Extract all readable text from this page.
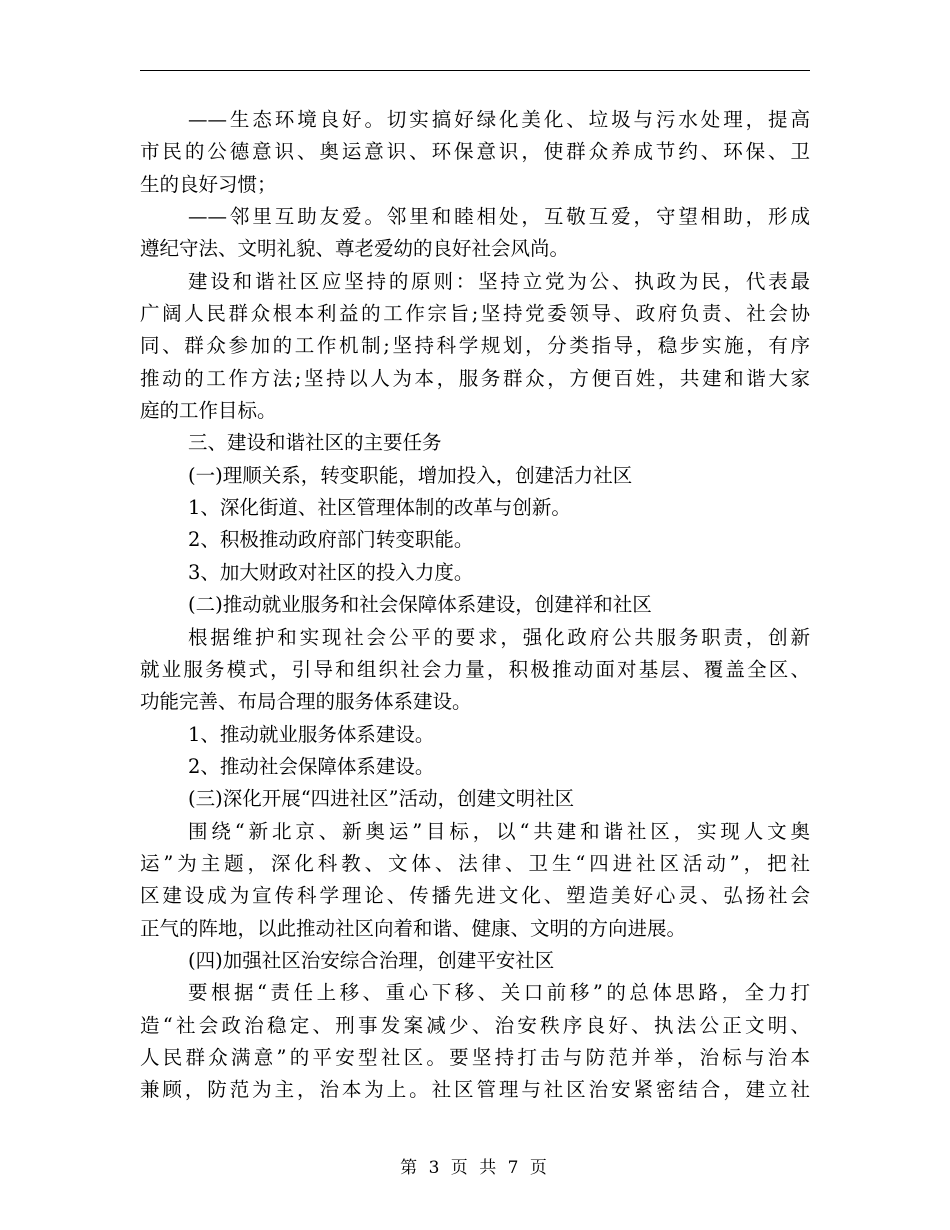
——生态环境良好。切实搞好绿化美化、垃圾与污水处理，提高
市民的公德意识、奥运意识、环保意识，使群众养成节约、环保、卫
生的良好习惯；
——邻里互助友爱。邻里和睦相处，互敬互爱，守望相助，形成
遵纪守法、文明礼貌、尊老爱幼的良好社会风尚。
建设和谐社区应坚持的原则：坚持立党为公、执政为民，代表最
广阔人民群众根本利益的工作宗旨;坚持党委领导、政府负责、社会协
同、群众参加的工作机制;坚持科学规划，分类指导，稳步实施，有序
推动的工作方法;坚持以人为本，服务群众，方便百姓，共建和谐大家
庭的工作目标。
三、建设和谐社区的主要任务
(一)理顺关系，转变职能，增加投入，创建活力社区
1、深化街道、社区管理体制的改革与创新。
2、积极推动政府部门转变职能。
3、加大财政对社区的投入力度。
(二)推动就业服务和社会保障体系建设，创建祥和社区
根据维护和实现社会公平的要求，强化政府公共服务职责，创新
就业服务模式，引导和组织社会力量，积极推动面对基层、覆盖全区、
功能完善、布局合理的服务体系建设。
1、推动就业服务体系建设。
2、推动社会保障体系建设。
(三)深化开展“四进社区”活动，创建文明社区
围绕“新北京、新奥运”目标，以“共建和谐社区，实现人文奥
运”为主题，深化科教、文体、法律、卫生“四进社区活动”，把社
区建设成为宣传科学理论、传播先进文化、塑造美好心灵、弘扬社会
正气的阵地，以此推动社区向着和谐、健康、文明的方向进展。
(四)加强社区治安综合治理，创建平安社区
要根据“责任上移、重心下移、关口前移”的总体思路，全力打
造“社会政治稳定、刑事发案减少、治安秩序良好、执法公正文明、
人民群众满意”的平安型社区。要坚持打击与防范并举，治标与治本
兼顾，防范为主，治本为上。社区管理与社区治安紧密结合，建立社
第 3 页 共 7 页
